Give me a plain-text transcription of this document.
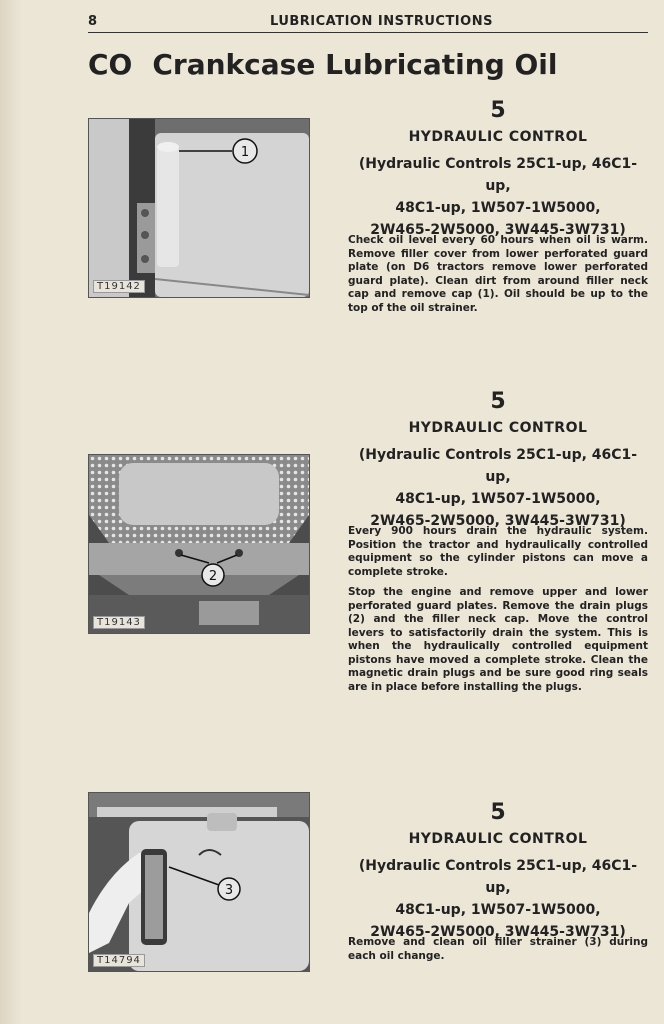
8	LUBRICATION INSTRUCTIONS
CO Crankcase Lubricating Oil
1
T19142
5
HYDRAULIC CONTROL
(Hydraulic Controls 25C1-up, 46C1-up,
48C1-up, 1W507-1W5000,
2W465-2W5000, 3W445-3W731)

Check oil level every 60 hours when oil is warm. Remove filler cover from lower perforated guard plate (on D6 tractors remove lower perforated guard plate). Clean dirt from around filler neck cap and remove cap (1). Oil should be up to the top of the oil strainer.

2
T19143
5
HYDRAULIC CONTROL
(Hydraulic Controls 25C1-up, 46C1-up,
48C1-up, 1W507-1W5000,
2W465-2W5000, 3W445-3W731)

Every 900 hours drain the hydraulic system. Position the tractor and hydraulically controlled equipment so the cylinder pistons can move a complete stroke.

Stop the engine and remove upper and lower perforated guard plates. Remove the drain plugs (2) and the filler neck cap. Move the control levers to satisfactorily drain the system. This is when the hydraulically controlled equipment pistons have moved a complete stroke. Clean the magnetic drain plugs and be sure good ring seals are in place before installing the plugs.

3
T14794
5
HYDRAULIC CONTROL
(Hydraulic Controls 25C1-up, 46C1-up,
48C1-up, 1W507-1W5000,
2W465-2W5000, 3W445-3W731)

Remove and clean oil filler strainer (3) during each oil change.
